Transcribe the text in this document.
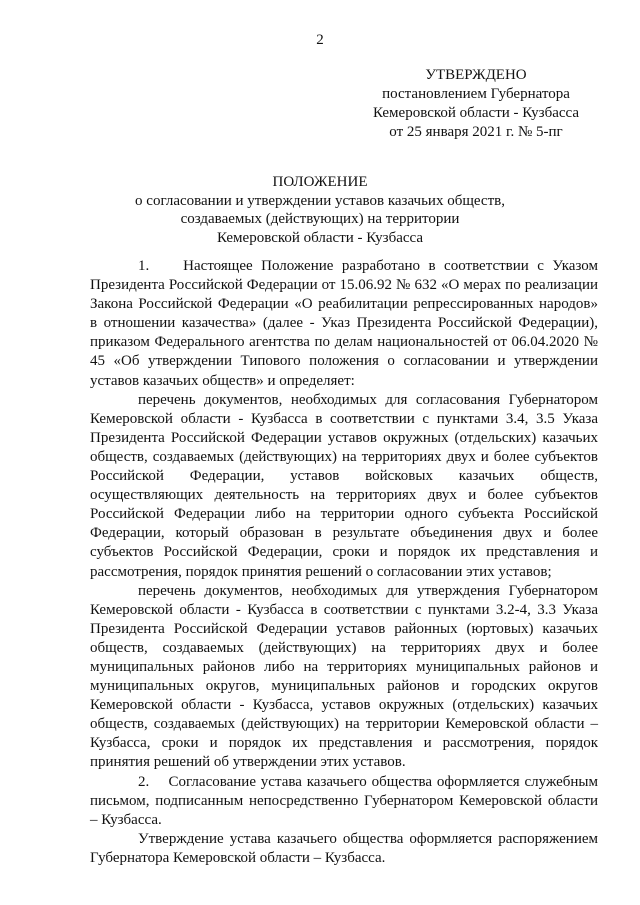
2
УТВЕРЖДЕНО
постановлением Губернатора
Кемеровской области - Кузбасса
от 25 января 2021 г. № 5-пг
ПОЛОЖЕНИЕ
о согласовании и утверждении уставов казачьих обществ,
создаваемых (действующих) на территории
Кемеровской области - Кузбасса

1.    Настоящее Положение разработано в соответствии с Указом Президента Российской Федерации от 15.06.92 № 632 «О мерах по реализации Закона Российской Федерации «О реабилитации репрессированных народов» в отношении казачества» (далее - Указ Президента Российской Федерации), приказом Федерального агентства по делам национальностей от 06.04.2020 № 45 «Об утверждении Типового положения о согласовании и утверждении уставов казачьих обществ» и определяет:

перечень документов, необходимых для согласования Губернатором Кемеровской области - Кузбасса в соответствии с пунктами 3.4, 3.5 Указа Президента Российской Федерации уставов окружных (отдельских) казачьих обществ, создаваемых (действующих) на территориях двух и более субъектов Российской Федерации, уставов войсковых казачьих обществ, осуществляющих деятельность на территориях двух и более субъектов Российской Федерации либо на территории одного субъекта Российской Федерации, который образован в результате объединения двух и более субъектов Российской Федерации, сроки и порядок их представления и рассмотрения, порядок принятия решений о согласовании этих уставов;

перечень документов, необходимых для утверждения Губернатором Кемеровской области - Кузбасса в соответствии с пунктами 3.2-4, 3.3 Указа Президента Российской Федерации уставов районных (юртовых) казачьих обществ, создаваемых (действующих) на территориях двух и более муниципальных районов либо на территориях муниципальных районов и муниципальных округов, муниципальных районов и городских округов Кемеровской области - Кузбасса, уставов окружных (отдельских) казачьих обществ, создаваемых (действующих) на территории Кемеровской области – Кузбасса, сроки и порядок их представления и рассмотрения, порядок принятия решений об утверждении этих уставов.

2.    Согласование устава казачьего общества оформляется служебным письмом, подписанным непосредственно Губернатором Кемеровской области – Кузбасса.

Утверждение устава казачьего общества оформляется распоряжением Губернатора Кемеровской области – Кузбасса.
